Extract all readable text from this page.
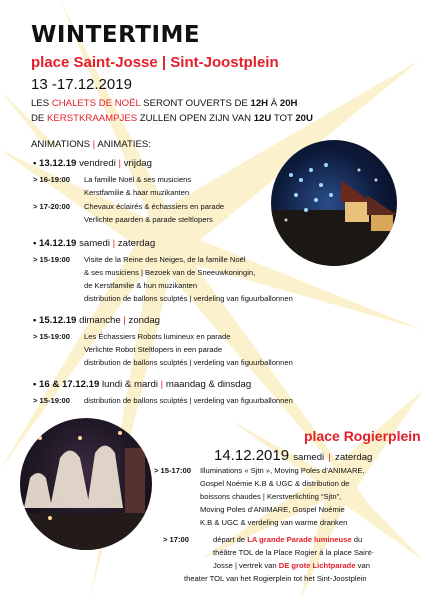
WINTERTIME
place Saint-Josse | Sint-Joostplein
13 -17.12.2019
LES CHALETS DE NOËL SERONT OUVERTS DE 12H À 20H
DE KERSTKRAAMPJES ZULLEN OPEN ZIJN VAN 12U TOT 20U
ANIMATIONS | ANIMATIES:
• 13.12.19 vendredi | vrijdag
> 16-19:00 La famille Noël & ses musiciens
Kerstfamilie & haar muzikanten
> 17-20:00 Chevaux éclairés & échassiers en parade
Verlichte paarden & parade steltlopers
• 14.12.19 samedi | zaterdag
> 15-19:00 Visite de la Reine des Neiges, de la famille Noël
& ses musiciens | Bezoek van de Sneeuwkoningin,
de Kerstfamilie & hun muzikanten
distribution de ballons sculptés | verdeling van figuurballonnen
• 15.12.19 dimanche | zondag
> 15-19:00 Les Échassiers Robots lumineux en parade
Verlichte Robot Steltlopers in een parade
distribution de ballons sculptés | verdeling van figuurballonnen
• 16 & 17.12.19 lundi & mardi | maandag & dinsdag
> 15-19:00 distribution de ballons sculptés | verdeling van figuurballonnen
place Rogierplein
14.12.2019 samedi | zaterdag
> 15-17:00 Illuminations « Sjtn », Moving Poles d’ANIMARE,
Gospel Noémie K.B & UGC & distribution de
boissons chaudes | Kerstverlichting “Sjtn”,
Moving Poles d’ANIMARE, Gospel Noémie
K.B & UGC & verdeling van warme dranken
> 17:00	départ de LA grande Parade lumineuse du
théâtre TOL de la Place Rogier à la place Saint-
Josse | vertrek van DE grote Lichtparade van
theater TOL van het Rogierplein tot het Sint-Joostplein
